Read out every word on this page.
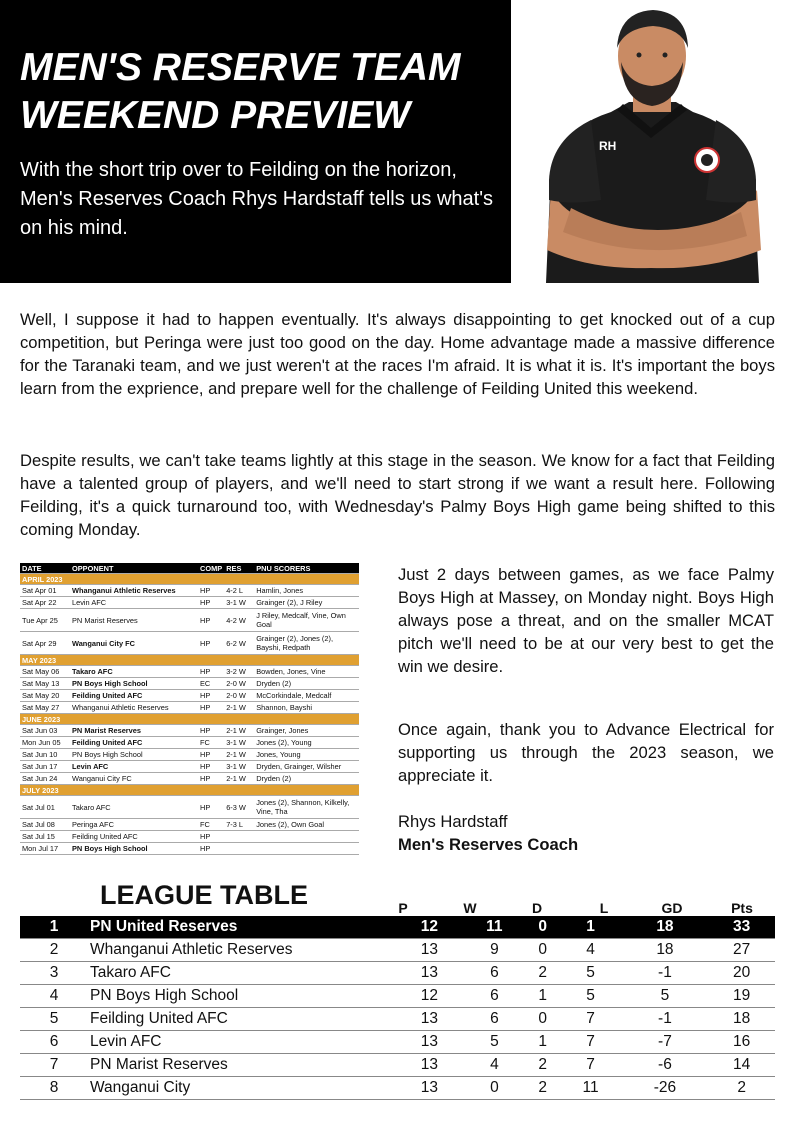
MEN'S RESERVE TEAM
WEEKEND PREVIEW

With the short trip over to Feilding on the horizon, Men's Reserves Coach Rhys Hardstaff tells us what's on his mind.

RH

Well, I suppose it had to happen eventually. It's always disappointing to get knocked out of a cup competition, but Peringa were just too good on the day. Home advantage made a massive difference for the Taranaki team, and we just weren't at the races I'm afraid. It is what it is. It's important the boys learn from the exprience, and prepare well for the challenge of Feilding United this weekend.

Despite results, we can't take teams lightly at this stage in the season. We know for a fact that Feilding have a talented group of players, and we'll need to start strong if we want a result here. Following Feilding, it's a quick turnaround too, with Wednesday's Palmy Boys High game being shifted to this coming Monday.

DATE	OPPONENT	COMP	RES	PNU SCORERS
APRIL 2023				
Sat Apr 01	Whanganui Athletic Reserves	HP	4-2 L	Hamlin, Jones
Sat Apr 22	Levin AFC	HP	3-1 W	Grainger (2), J Riley
Tue Apr 25	PN Marist Reserves	HP	4-2 W	J Riley, Medcalf, Vine, Own Goal
Sat Apr 29	Wanganui City FC	HP	6-2 W	Grainger (2), Jones (2), Bayshi, Redpath
MAY 2023				
Sat May 06	Takaro AFC	HP	3-2 W	Bowden, Jones, Vine
Sat May 13	PN Boys High School	EC	2-0 W	Dryden (2)
Sat May 20	Feilding United AFC	HP	2-0 W	McCorkindale, Medcalf
Sat May 27	Whanganui Athletic Reserves	HP	2-1 W	Shannon, Bayshi
JUNE 2023				
Sat Jun 03	PN Marist Reserves	HP	2-1 W	Grainger, Jones
Mon Jun 05	Feilding United AFC	FC	3-1 W	Jones (2), Young
Sat Jun 10	PN Boys High School	HP	2-1 W	Jones, Young
Sat Jun 17	Levin AFC	HP	3-1 W	Dryden, Grainger, Wilsher
Sat Jun 24	Wanganui City FC	HP	2-1 W	Dryden (2)
JULY 2023				
Sat Jul 01	Takaro AFC	HP	6-3 W	Jones (2), Shannon, Kilkelly, Vine, Tha
Sat Jul 08	Peringa AFC	FC	7-3 L	Jones (2), Own Goal
Sat Jul 15	Feilding United AFC	HP		
Mon Jul 17	PN Boys High School	HP		

Just 2 days between games, as we face Palmy Boys High at Massey, on Monday night. Boys High always pose a threat, and on the smaller MCAT pitch we'll need to be at our very best to get the win we desire.

Once again, thank you to Advance Electrical for supporting us through the 2023 season, we appreciate it.

Rhys Hardstaff

Men's Reserves Coach

LEAGUE TABLE	P	W	D	L	GD	Pts

1	PN United Reserves	12	11	0	1	18	33
2	Whanganui Athletic Reserves	13	9	0	4	18	27
3	Takaro AFC	13	6	2	5	-1	20
4	PN Boys High School	12	6	1	5	5	19
5	Feilding United AFC	13	6	0	7	-1	18
6	Levin AFC	13	5	1	7	-7	16
7	PN Marist Reserves	13	4	2	7	-6	14
8	Wanganui City	13	0	2	11	-26	2
